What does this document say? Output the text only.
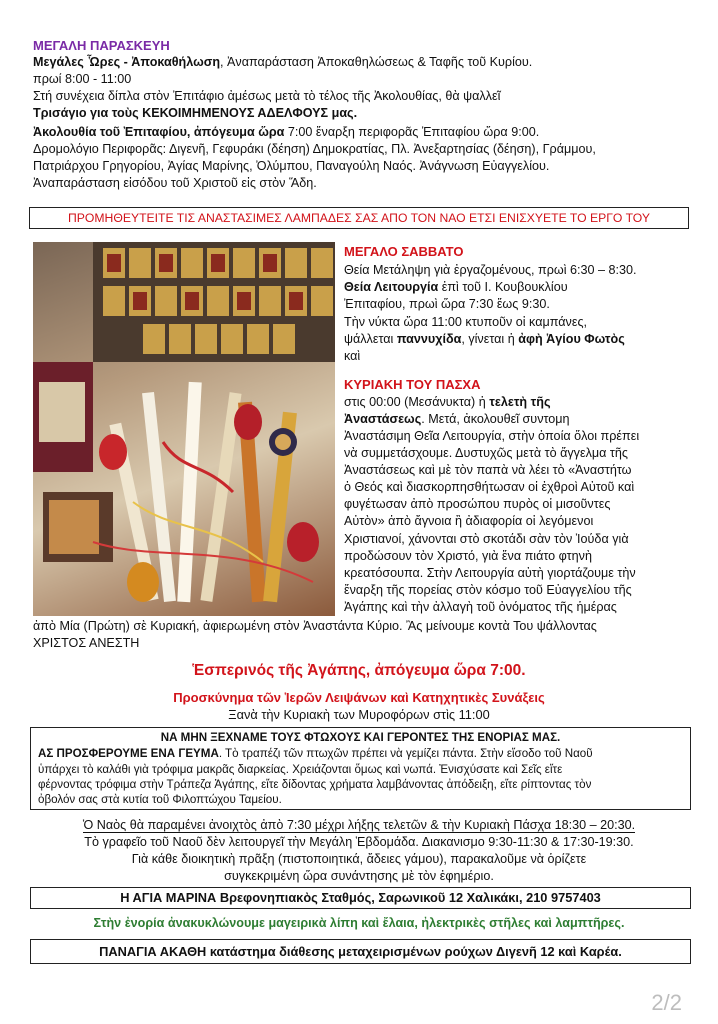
ΜΕΓΑΛΗ ΠΑΡΑΣΚΕΥΗ
Μεγάλες Ὧρες - Ἀποκαθήλωση, Ἀναπαράσταση Ἀποκαθηλώσεως & Ταφῆς τοῦ Κυρίου.
πρωί 8:00 - 11:00
Στή συνέχεια δίπλα στὸν Ἐπιτάφιο ἀμέσως μετὰ τὸ τέλος τῆς Ἀκολουθίας, θὰ ψαλλεῖ
Τρισάγιο για τοὺς ΚΕΚΟΙΜΗΜΕΝΟΥΣ ΑΔΕΛΦΟΥΣ μας.
Ἀκολουθία τοῦ Ἐπιταφίου, ἀπόγευμα ὥρα 7:00 ἔναρξη περιφορᾶς Ἐπιταφίου ὥρα 9:00.
Δρομολόγιο Περιφορᾶς: Διγενῆ, Γεφυράκι (δέηση) Δημοκρατίας, Πλ. Ἀνεξαρτησίας (δέηση), Γράμμου,
Πατριάρχου Γρηγορίου, Ἀγίας Μαρίνης, Ὀλύμπου, Παναγούλη Ναός. Ἀνάγνωση Εὐαγγελίου.
Ἀναπαράσταση εἰσόδου τοῦ Χριστοῦ εἰς στὸν Ἅδη.
ΠΡΟΜΗΘΕΥΤΕΙΤΕ ΤΙΣ ΑΝΑΣΤΑΣΙΜΕΣ ΛΑΜΠΑΔΕΣ ΣΑΣ ΑΠΟ ΤΟΝ ΝΑΟ ΕΤΣΙ ΕΝΙΣΧΥΕΤΕ ΤΟ ΕΡΓΟ ΤΟΥ
ΜΕΓΑΛΟ ΣΑΒΒΑΤΟ
Θεία Μετάληψη γιὰ ἐργαζομένους, πρωὶ 6:30 – 8:30.
Θεία Λειτουργία ἐπὶ τοῦ Ι. Κουβουκλίου
Ἐπιταφίου, πρωὶ ὥρα 7:30 ἕως 9:30.
Τὴν νύκτα ὥρα 11:00 κτυποῦν οἱ καμπάνες,
ψάλλεται παννυχίδα, γίνεται ἡ ἀφὴ Ἁγίου Φωτὸς
καὶ
ΚΥΡΙΑΚΗ ΤΟΥ ΠΑΣΧΑ
στις 00:00 (Μεσάνυκτα) ἡ τελετὴ τῆς
Ἀναστάσεως. Μετά, ἀκολουθεῖ συντομη
Ἀναστάσιμη Θεῖα Λειτουργία, στὴν ὁποία ὅλοι πρέπει
νὰ συμμετάσχουμε. Δυστυχῶς μετὰ τὸ ἄγγελμα τῆς
Ἀναστάσεως καὶ μὲ τὸν παπὰ νὰ λέει τὸ «Ἀναστήτω
ὁ Θεός καὶ διασκορπησθήτωσαν οἱ ἐχθροὶ Αὐτοῦ καὶ
φυγέτωσαν ἀπὸ προσώπου πυρὸς οἱ μισοῦντες
Αὐτὸν» ἀπὸ ἄγνοια ἢ ἀδιαφορία οἱ λεγόμενοι
Χριστιανοί, χάνονται στὸ σκοτάδι σὰν τὸν Ἰούδα γιὰ
προδώσουν τὸν Χριστό, γιὰ ἕνα πιάτο φτηνὴ
κρεατόσουπα. Στὴν Λειτουργία αὐτὴ γιορτάζουμε τὴν
ἔναρξη τῆς πορείας στὸν κόσμο τοῦ Εὐαγγελίου τῆς
Ἀγάπης καὶ τὴν ἀλλαγὴ τοῦ ὀνόματος τῆς ἡμέρας
ἀπὸ Μία (Πρώτη) σὲ Κυριακή, ἀφιερωμένη στὸν Ἀναστάντα Κύριο. Ἂς μείνουμε κοντὰ Του ψάλλοντας
ΧΡΙΣΤΟΣ ΑΝΕΣΤΗ
Ἑσπερινός τῆς Ἀγάπης, ἀπόγευμα ὥρα 7:00.
Προσκύνημα τῶν Ἱερῶν Λειψάνων καὶ Κατηχητικὲς Συνάξεις
Ξανὰ τὴν Κυριακὴ των Μυροφόρων στὶς 11:00
ΝΑ ΜΗΝ ΞΕΧΝΑΜΕ ΤΟΥΣ ΦΤΩΧΟΥΣ ΚΑΙ ΓΕΡΟΝΤΕΣ ΤΗΣ ΕΝΟΡΙΑΣ ΜΑΣ.
ΑΣ ΠΡΟΣΦΕΡΟΥΜΕ ΕΝΑ ΓΕΥΜΑ. Τὸ τραπέζι τῶν πτωχῶν πρέπει νὰ γεμίζει πάντα. Στὴν εἴσοδο τοῦ Ναοῦ
ὑπάρχει τὸ καλάθι γιὰ τρόφιμα μακρᾶς διαρκείας. Χρειάζονται ὅμως καὶ νωπά. Ἐνισχύσατε καὶ Σεῖς εἴτε
φέρνοντας τρόφιμα στὴν Τράπεζα Ἀγάπης, εἴτε δίδοντας χρήματα λαμβάνοντας ἀπόδειξη, εἴτε ρίπτοντας τὸν
ὀβολόν σας στὰ κυτία τοῦ Φιλοπτώχου Ταμείου.
Ὁ Ναὸς θὰ παραμένει ἀνοιχτὸς ἀπὸ 7:30 μέχρι λήξης τελετῶν & τὴν Κυριακὴ Πάσχα 18:30 – 20:30.
Τὸ γραφεῖο τοῦ Ναοῦ δὲν λειτουργεῖ τὴν Μεγάλη Ἑβδομάδα. Διακανισμο 9:30-11:30 & 17:30-19:30.
Γιὰ κάθε διοικητικὴ πρᾶξη (πιστοποιητικά, ἄδειες γάμου), παρακαλοῦμε νὰ ὁρίζετε
συγκεκριμένη ὥρα συνάντησης μὲ τὸν ἐφημέριο.
Η ΑΓΙΑ ΜΑΡΙΝΑ Βρεφονηπιακὸς Σταθμός, Σαρωνικοῦ 12 Χαλικάκι, 210 9757403
Στὴν ἐνορία ἀνακυκλώνουμε μαγειρικὰ λίπη καὶ ἔλαια, ἠλεκτρικὲς στῆλες καὶ λαμπτῆρες.
ΠΑΝΑΓΙΑ ΑΚΑΘΗ κατάστημα διάθεσης μεταχειρισμένων ρούχων Διγενῆ 12 καὶ Καρέα.
2/2
